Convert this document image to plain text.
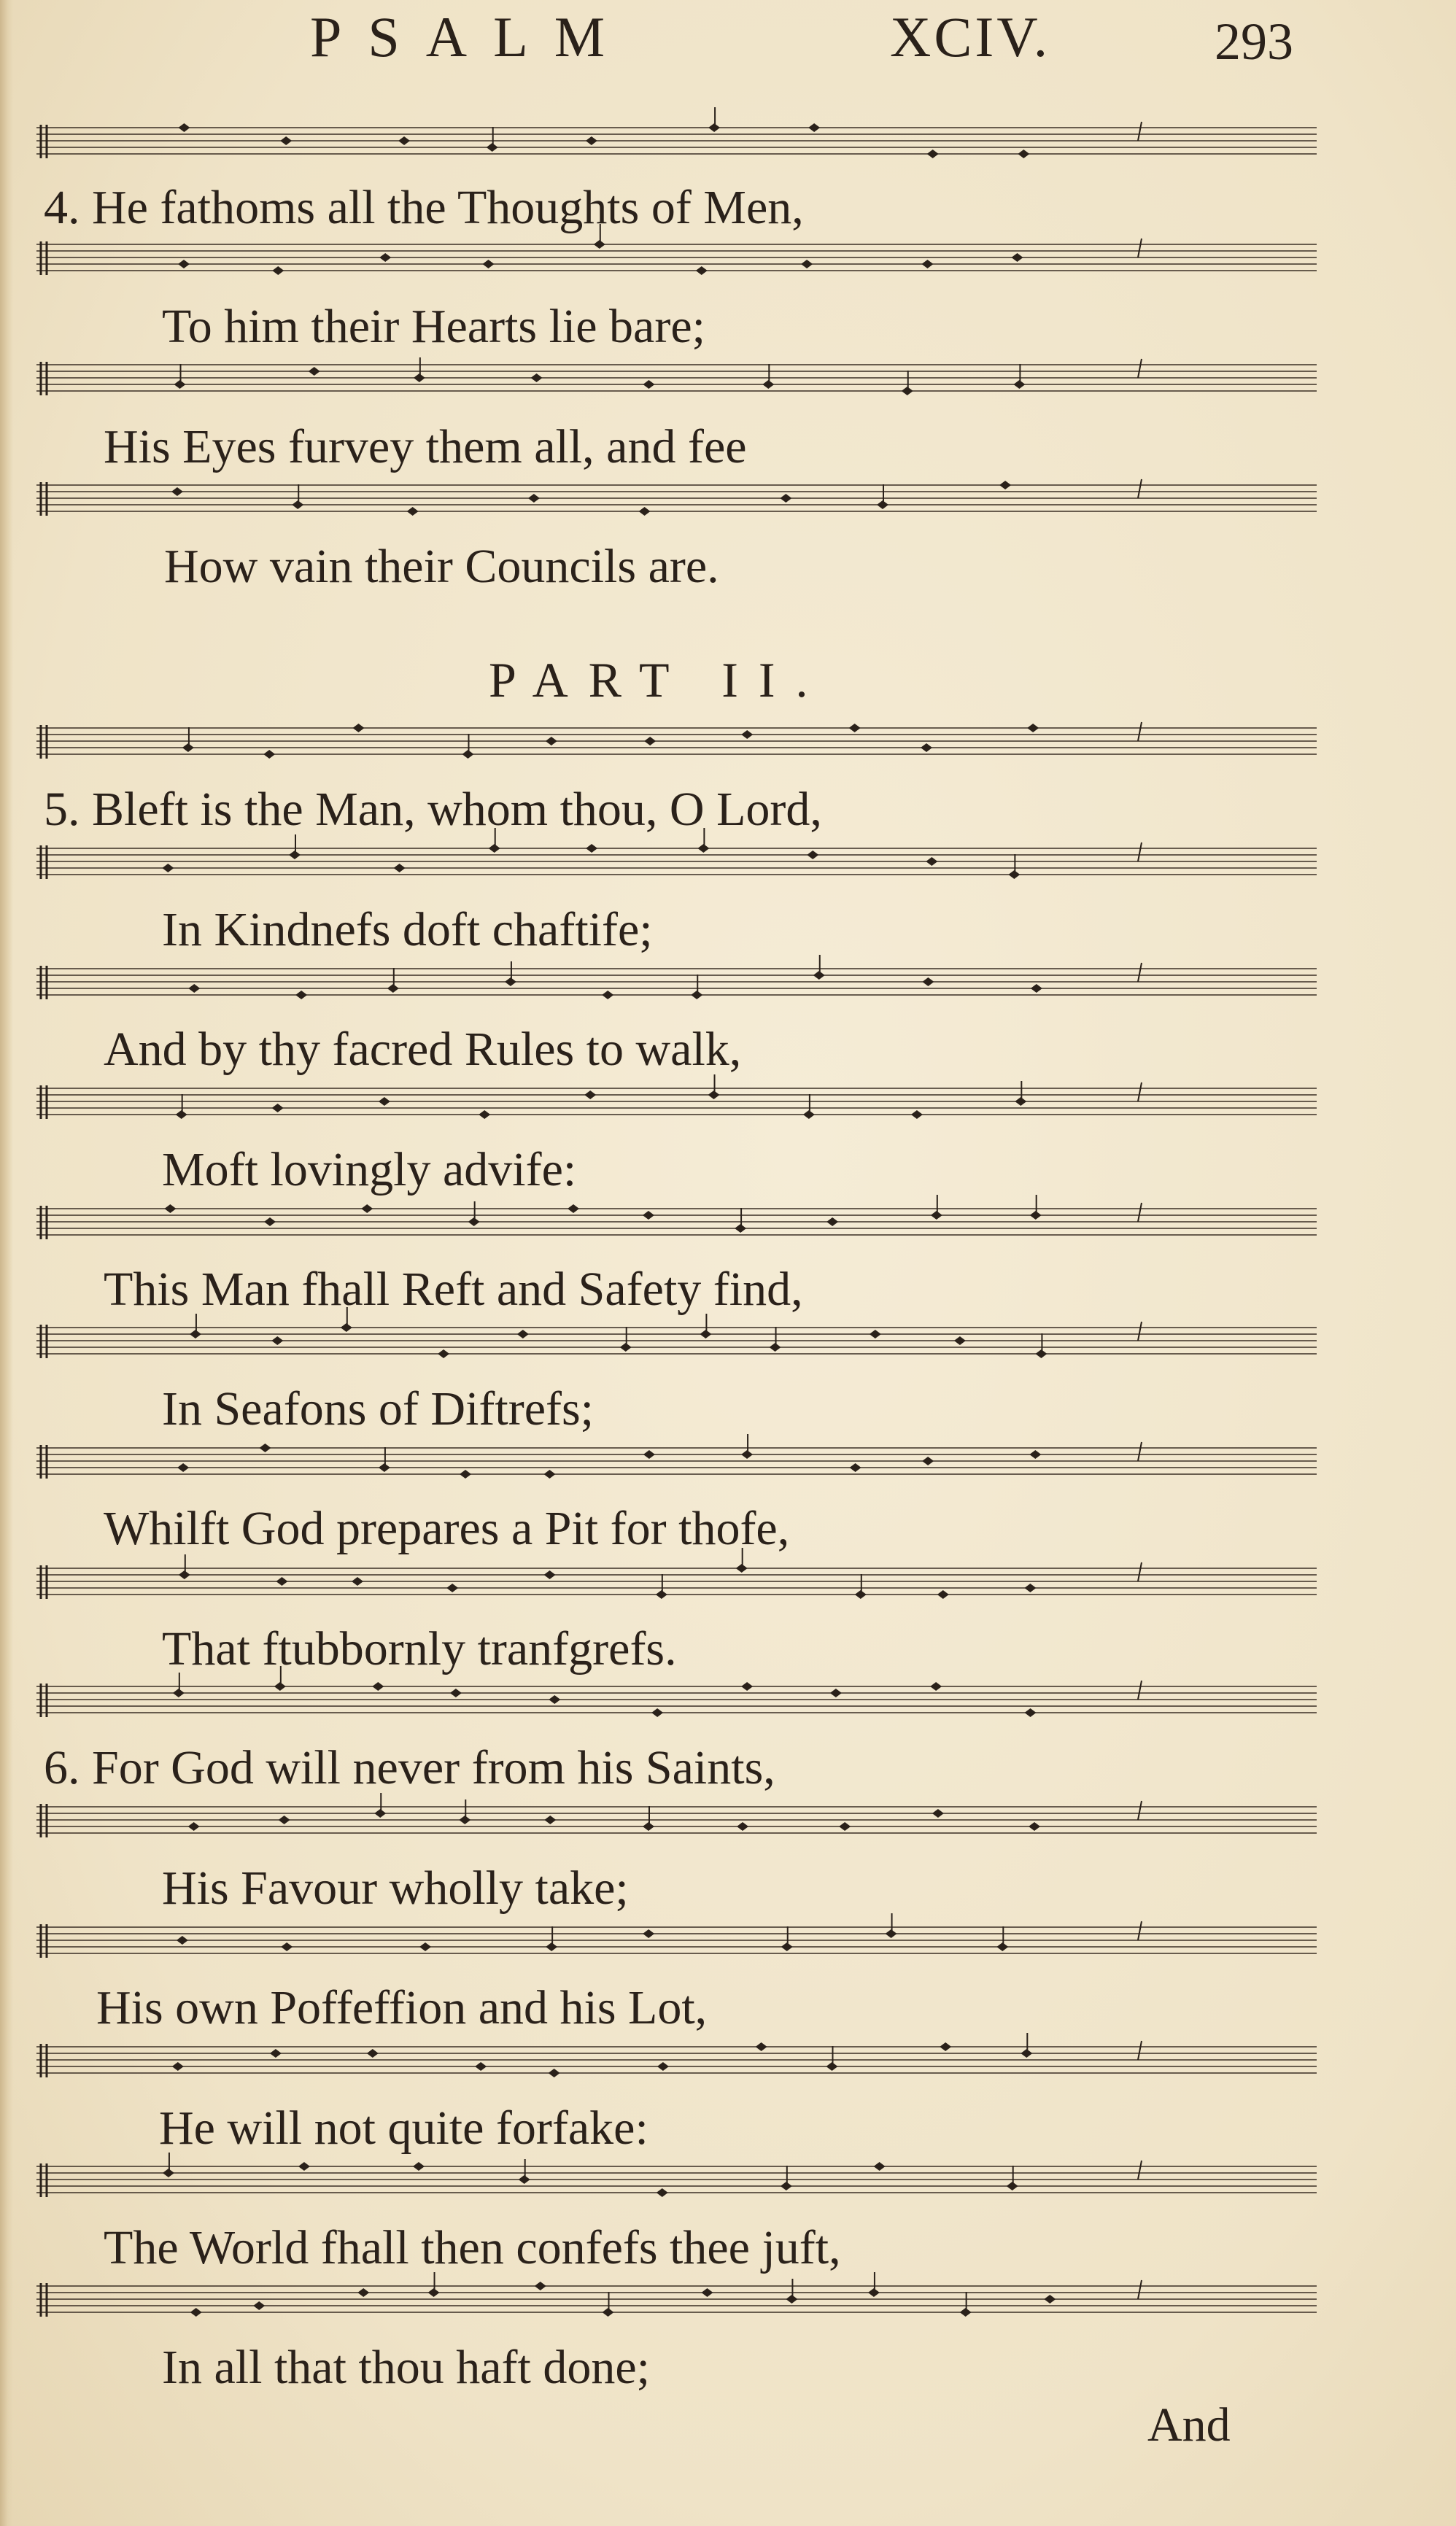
PSALM	XCIV.	293
4. He fathoms all the Thoughts of Men,
To him their Hearts lie bare;
His Eyes furvey them all, and fee
How vain their Councils are.
PART II.
5. Bleft is the Man, whom thou, O Lord,
In Kindnefs doft chaftife;
And by thy facred Rules to walk,
Moft lovingly advife:
This Man fhall Reft and Safety find,
In Seafons of Diftrefs;
Whilft God prepares a Pit for thofe,
That ftubbornly tranfgrefs.
6. For God will never from his Saints,
His Favour wholly take;
His own Poffeffion and his Lot,
He will not quite forfake:
The World fhall then confefs thee juft,
In all that thou haft done;
And
